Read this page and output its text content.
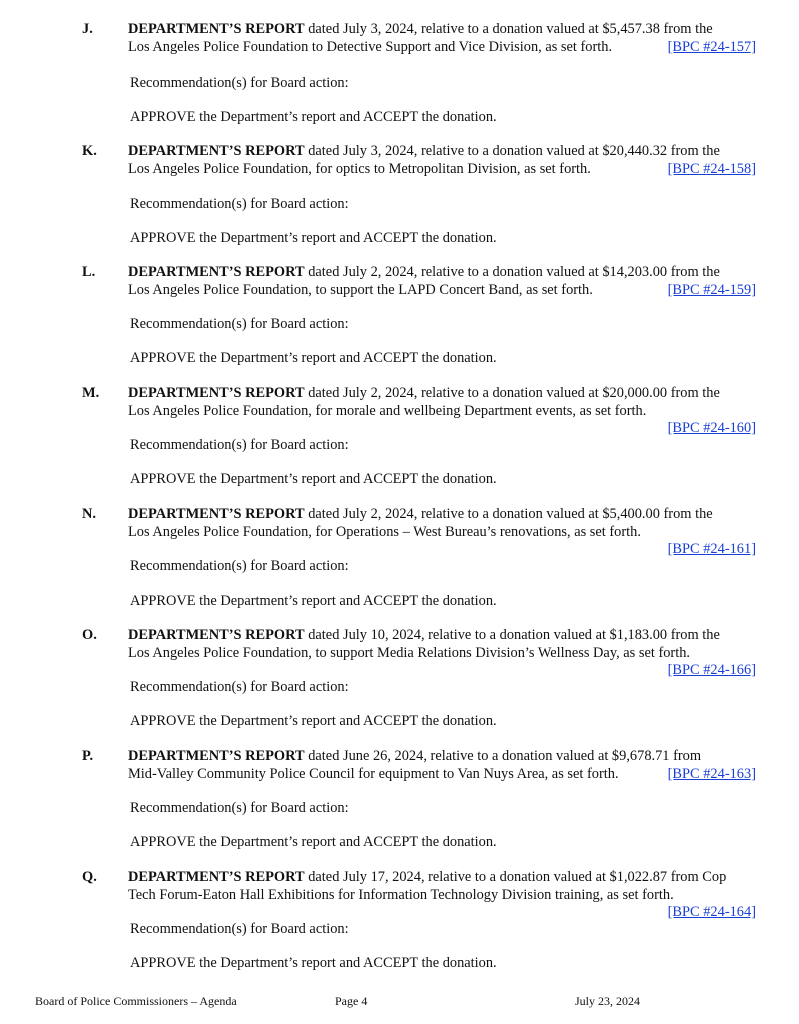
J. DEPARTMENT’S REPORT dated July 3, 2024, relative to a donation valued at $5,457.38 from the
Los Angeles Police Foundation to Detective Support and Vice Division, as set forth.	[BPC #24-157]
Recommendation(s) for Board action:
APPROVE the Department’s report and ACCEPT the donation.
K. DEPARTMENT’S REPORT dated July 3, 2024, relative to a donation valued at $20,440.32 from the
Los Angeles Police Foundation, for optics to Metropolitan Division, as set forth.	[BPC #24-158]
Recommendation(s) for Board action:
APPROVE the Department’s report and ACCEPT the donation.
L. DEPARTMENT’S REPORT dated July 2, 2024, relative to a donation valued at $14,203.00 from the
Los Angeles Police Foundation, to support the LAPD Concert Band, as set forth.	[BPC #24-159]
Recommendation(s) for Board action:
APPROVE the Department’s report and ACCEPT the donation.
M. DEPARTMENT’S REPORT dated July 2, 2024, relative to a donation valued at $20,000.00 from the
Los Angeles Police Foundation, for morale and wellbeing Department events, as set forth.
[BPC #24-160]
Recommendation(s) for Board action:
APPROVE the Department’s report and ACCEPT the donation.
N. DEPARTMENT’S REPORT dated July 2, 2024, relative to a donation valued at $5,400.00 from the
Los Angeles Police Foundation, for Operations – West Bureau’s renovations, as set forth.
[BPC #24-161]
Recommendation(s) for Board action:
APPROVE the Department’s report and ACCEPT the donation.
O. DEPARTMENT’S REPORT dated July 10, 2024, relative to a donation valued at $1,183.00 from the
Los Angeles Police Foundation, to support Media Relations Division’s Wellness Day, as set forth.
[BPC #24-166]
Recommendation(s) for Board action:
APPROVE the Department’s report and ACCEPT the donation.
P. DEPARTMENT’S REPORT dated June 26, 2024, relative to a donation valued at $9,678.71 from
Mid-Valley Community Police Council for equipment to Van Nuys Area, as set forth.	[BPC #24-163]
Recommendation(s) for Board action:
APPROVE the Department’s report and ACCEPT the donation.
Q. DEPARTMENT’S REPORT dated July 17, 2024, relative to a donation valued at $1,022.87 from Cop
Tech Forum-Eaton Hall Exhibitions for Information Technology Division training, as set forth.
[BPC #24-164]
Recommendation(s) for Board action:
APPROVE the Department’s report and ACCEPT the donation.
Board of Police Commissioners – Agenda	Page 4	July 23, 2024
